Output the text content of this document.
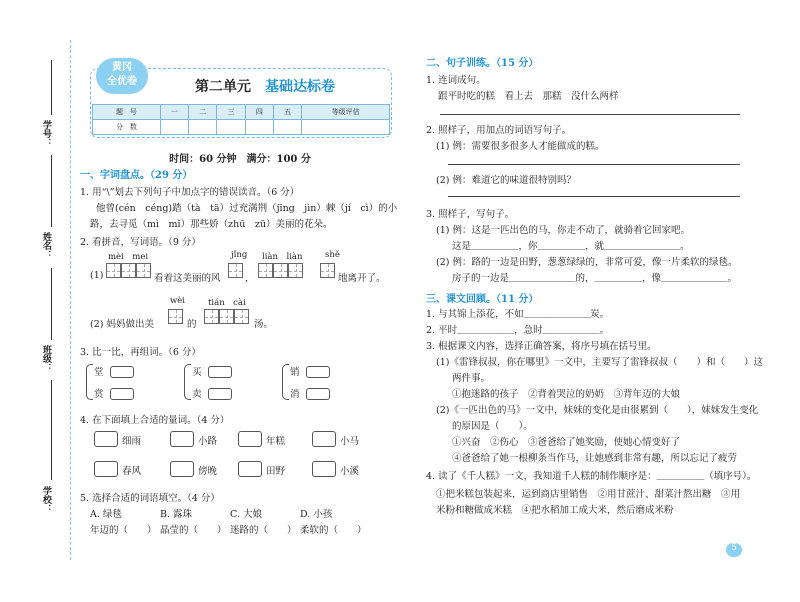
学号：
姓名：
班级：
学校：
黄冈
全优卷	第二单元　 基础达标卷
题　号	一	二	三	四	五	等级评估
分　数						
时间：60 分钟　满分：100 分
一、字词盘点。（29 分）
1. 用“\”划去下列句子中加点字的错误读音。（6 分）
他曾(cén　céng)踏（tà　tā）过充满荆（jīng　jìn）棘（jí　cì）的小
路，去寻觅（mì　mǐ）那些娇（zhū　zū）美丽的花朵。
2. 看拼音，写词语。（9 分）
mèi　mei	jǐng liàn　liàn	shě
(1)	看着这美丽的风	，	地离开了。
wèi	tián　cài
(2) 妈妈做出美	的	汤。
3. 比一比，再组词。（6 分）
堂
赏
买
卖
销
消
4. 在下面填上合适的量词。（4 分）
细雨	小路	年糕	小马
春风	傍晚	田野	小溪
5. 选择合适的词语填空。（4 分）
A. 绿毯	B. 露珠	C. 大娘	D. 小孩
年迈的（　　） 晶莹的（　　） 迷路的（　　） 柔软的（　　）
二、句子训练。（15 分）
1. 连词成句。
跟平时吃的糕　看上去　那糕　没什么两样
2. 照样子，用加点的词语写句子。
(1) 例：需要很多很多人才能做成的糕。
(2) 例：难道它的味道很特别吗？
3. 照样子，写句子。
(1) 例：这是一匹出色的马，你走不动了，就骑着它回家吧。
这是＿＿＿＿＿，你＿＿＿＿＿，就＿＿＿＿＿＿＿＿。
(2) 例：路的一边是田野，葱葱绿绿的，非常可爱，像一片柔软的绿毯。
房子的一边是＿＿＿＿＿＿＿的，＿＿＿＿＿，像＿＿＿＿＿＿＿。
三、课文回顾。（11 分）
1. 与其锦上添花，不如＿＿＿＿＿＿＿炭。
2. 平时＿＿＿＿＿＿，急时＿＿＿＿＿＿。
3. 根据课文内容，选择正确答案，将序号填在括号里。
(1)《雷锋叔叔，你在哪里》一文中，主要写了雷锋叔叔（　　）和（　　）这
两件事。
①抱迷路的孩子　②背着哭泣的奶奶　③背年迈的大娘
(2)《一匹出色的马》一文中，妹妹的变化是由很累到（　　），妹妹发生变化
的原因是（　　）。
①兴奋　②伤心　③爸爸给了她奖励，使她心情变好了
④爸爸给了她一根柳条当作马，让她感到非常有趣，所以忘记了疲劳
4. 读了《千人糕》一文，我知道千人糕的制作顺序是：＿＿＿＿＿（填序号）。
①把米糕包装起来，运到商店里销售　②用甘蔗汁、甜菜汁熬出糖　③用
米粉和糖做成米糕　④把水稻加工成大米，然后磨成米粉
5
